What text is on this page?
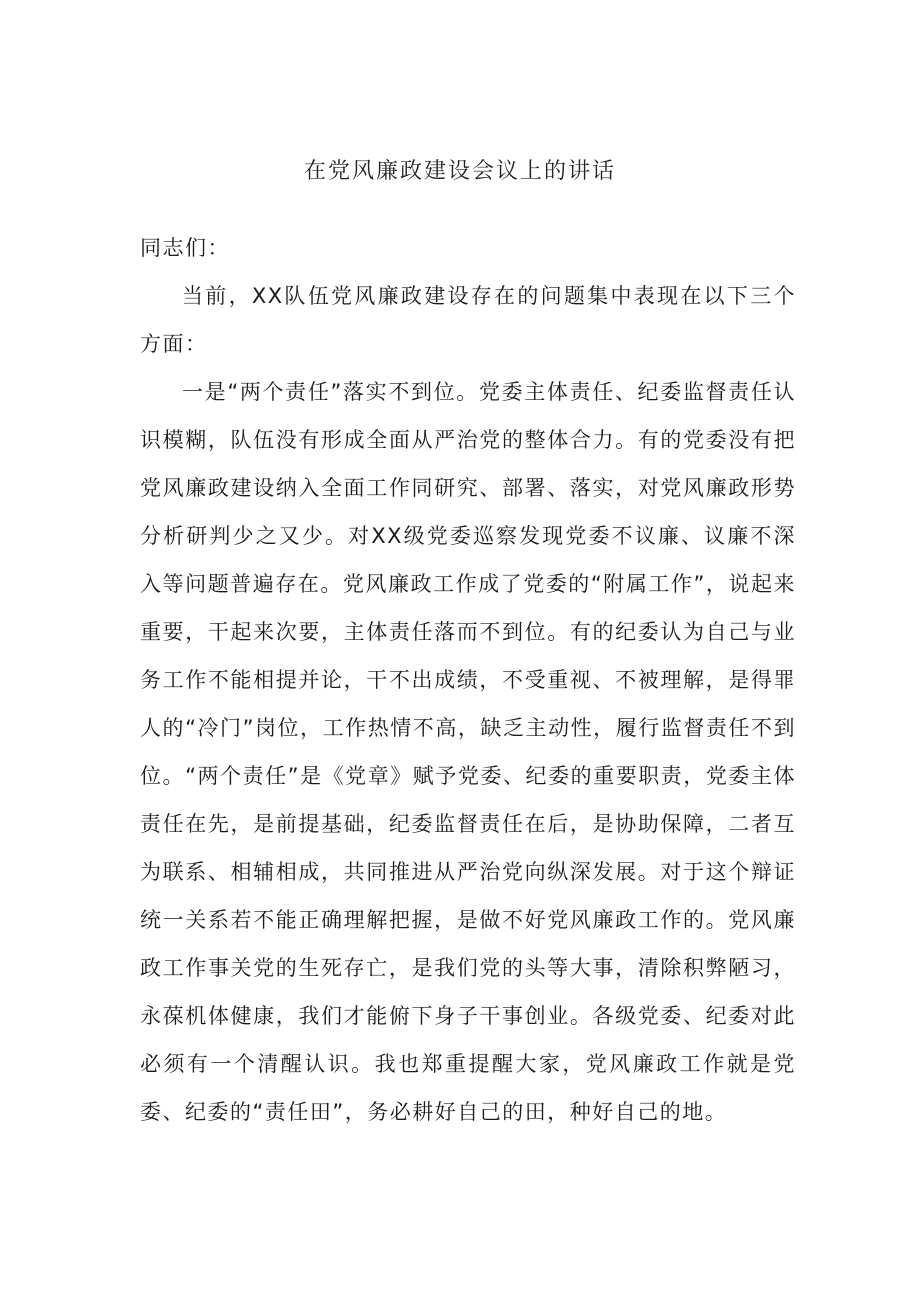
在党风廉政建设会议上的讲话

同志们：

当前，XX队伍党风廉政建设存在的问题集中表现在以下三个方面：

一是“两个责任”落实不到位。党委主体责任、纪委监督责任认识模糊，队伍没有形成全面从严治党的整体合力。有的党委没有把党风廉政建设纳入全面工作同研究、部署、落实，对党风廉政形势分析研判少之又少。对XX级党委巡察发现党委不议廉、议廉不深入等问题普遍存在。党风廉政工作成了党委的“附属工作”，说起来重要，干起来次要，主体责任落而不到位。有的纪委认为自己与业务工作不能相提并论，干不出成绩，不受重视、不被理解，是得罪人的“冷门”岗位，工作热情不高，缺乏主动性，履行监督责任不到位。“两个责任”是《党章》赋予党委、纪委的重要职责，党委主体责任在先，是前提基础，纪委监督责任在后，是协助保障，二者互为联系、相辅相成，共同推进从严治党向纵深发展。对于这个辩证统一关系若不能正确理解把握，是做不好党风廉政工作的。党风廉政工作事关党的生死存亡，是我们党的头等大事，清除积弊陋习，永葆机体健康，我们才能俯下身子干事创业。各级党委、纪委对此必须有一个清醒认识。我也郑重提醒大家，党风廉政工作就是党委、纪委的“责任田”，务必耕好自己的田，种好自己的地。
